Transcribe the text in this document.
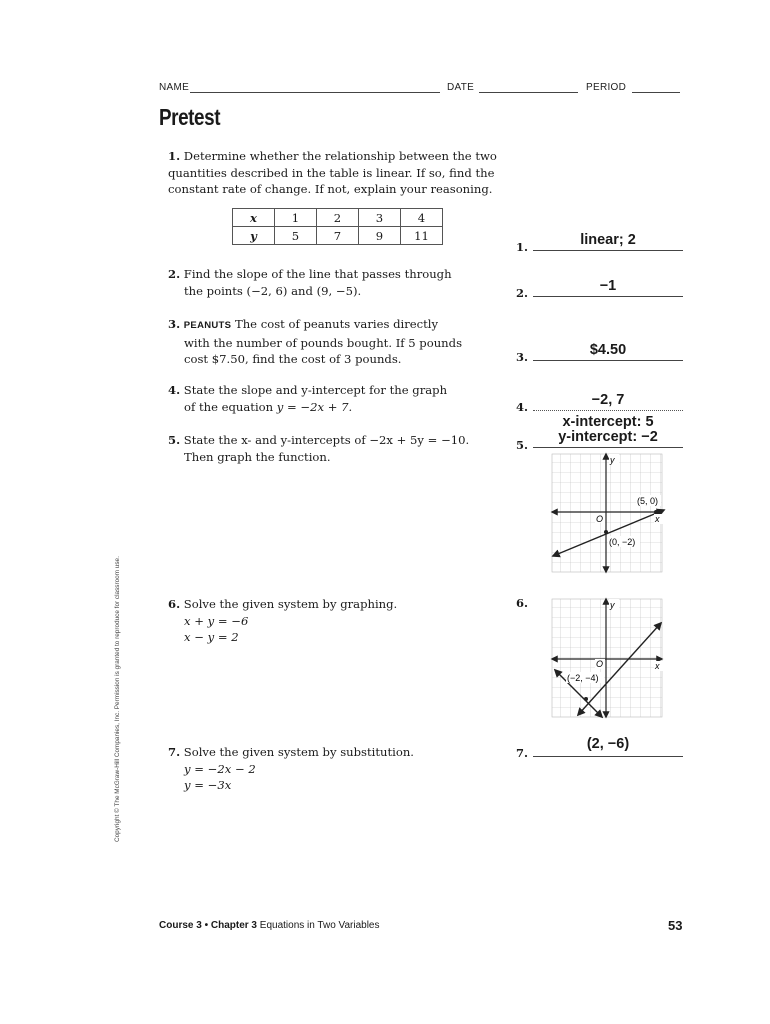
NAME	DATE	PERIOD
Pretest
1. Determine whether the relationship between the two quantities described in the table is linear. If so, find the constant rate of change. If not, explain your reasoning.
x	1	2	3	4
y	5	7	9	11
2. Find the slope of the line that passes through
the points (−2, 6) and (9, −5).
3. PEANUTS The cost of peanuts varies directly
with the number of pounds bought. If 5 pounds
cost $7.50, find the cost of 3 pounds.
4. State the slope and y-intercept for the graph
of the equation y = −2x + 7.
5. State the x- and y-intercepts of −2x + 5y = −10.
Then graph the function.
6. Solve the given system by graphing.
x + y = −6
x − y = 2
7. Solve the given system by substitution.
y = −2x − 2
y = −3x
1.	linear; 2
2.	−1
3.	$4.50
4.	−2, 7
x-intercept: 5
y-intercept: −2
5.
6.
7.
(2, −6)
y
x
O
(5, 0)
(0, −2)
y
x
O
(−2, −4)
Copyright © The McGraw-Hill Companies, Inc. Permission is granted to reproduce for classroom use.
Course 3 • Chapter 3 Equations in Two Variables	53
